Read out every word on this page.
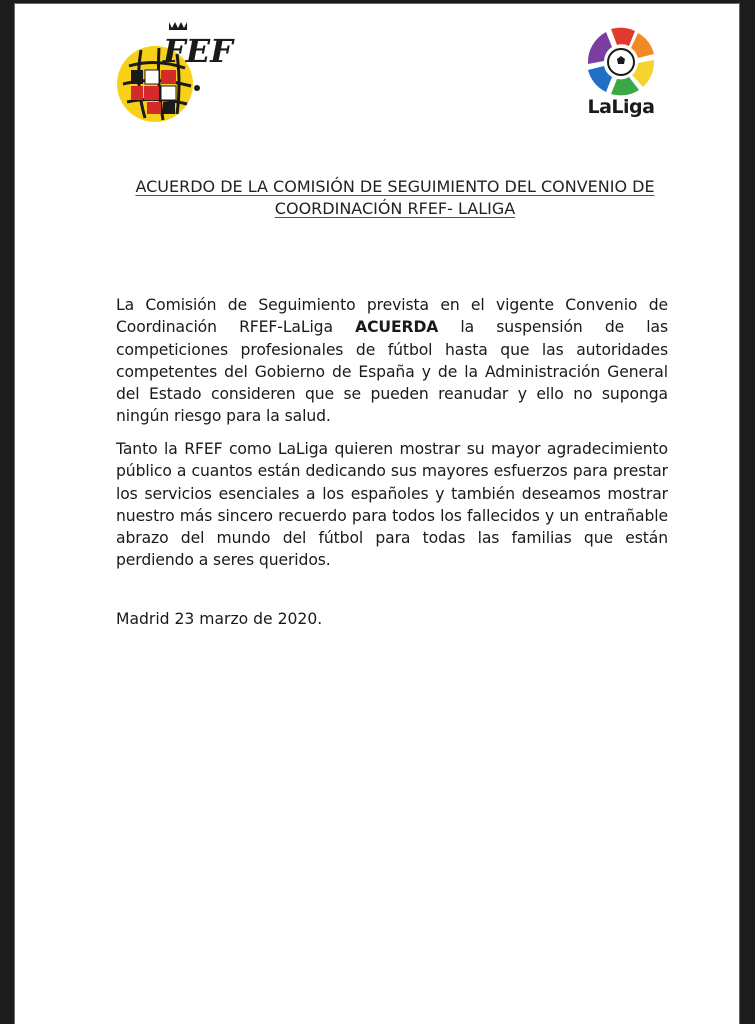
FEF
LaLiga
ACUERDO DE LA COMISIÓN DE SEGUIMIENTO DEL CONVENIO DE
COORDINACIÓN RFEF- LALIGA
La Comisión de Seguimiento prevista en el vigente Convenio de Coordinación RFEF-LaLiga ACUERDA la suspensión de las competiciones profesionales de fútbol hasta que las autoridades competentes del Gobierno de España y de la Administración General del Estado consideren que se pueden reanudar y ello no suponga ningún riesgo para la salud.
Tanto la RFEF como LaLiga quieren mostrar su mayor agradecimiento público a cuantos están dedicando sus mayores esfuerzos para prestar los servicios esenciales a los españoles y también deseamos mostrar nuestro más sincero recuerdo para todos los fallecidos y un entrañable abrazo del mundo del fútbol para todas las familias que están perdiendo a seres queridos.
Madrid 23 marzo de 2020.
